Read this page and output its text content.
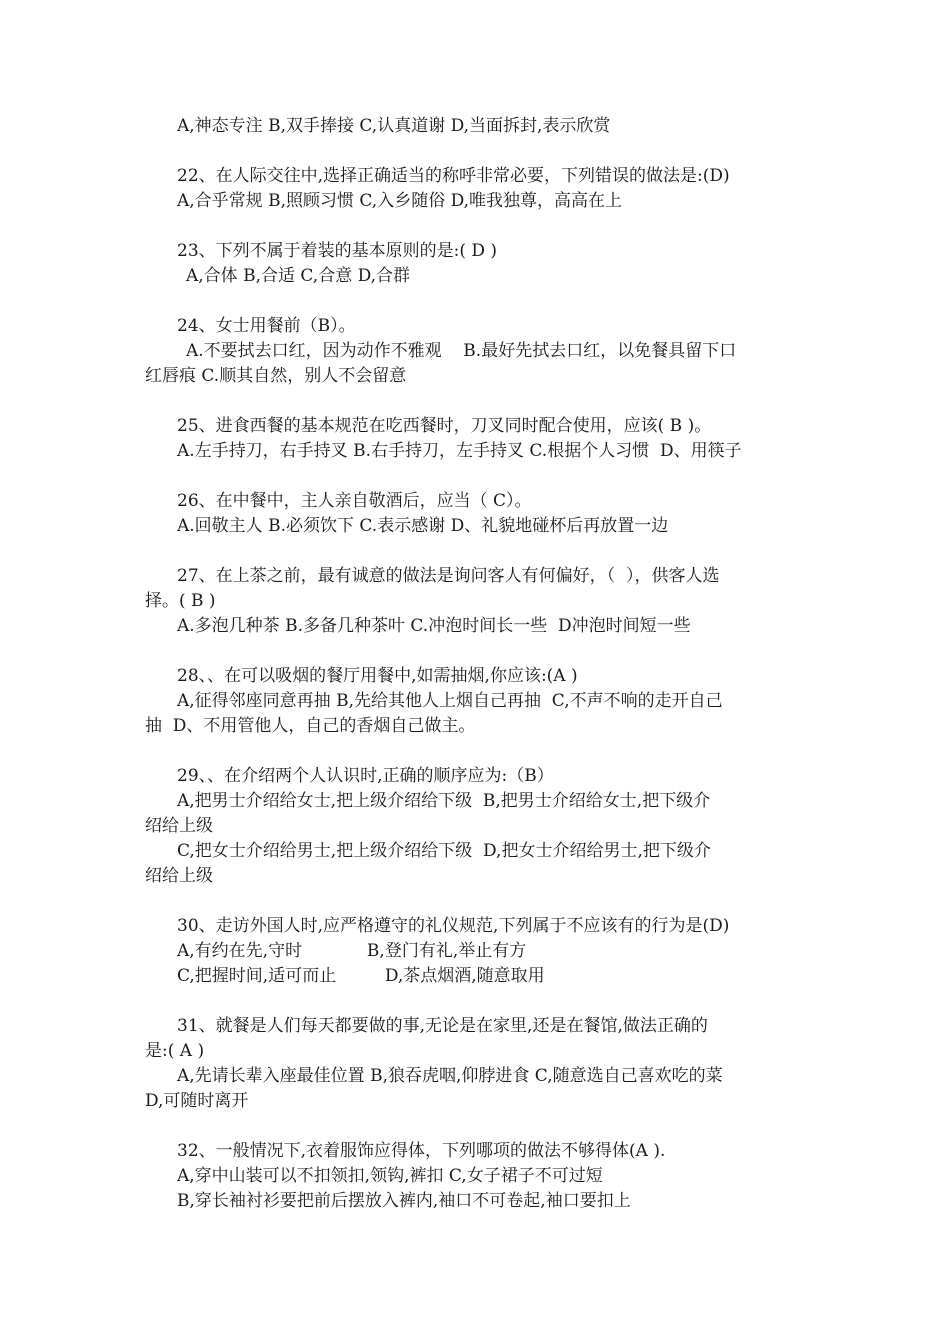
A,神态专注 B,双手捧接 C,认真道谢 D,当面拆封,表示欣赏
22、在人际交往中,选择正确适当的称呼非常必要，下列错误的做法是:(D)
A,合乎常规 B,照顾习惯 C,入乡随俗 D,唯我独尊，高高在上
23、下列不属于着装的基本原则的是:( D )
A,合体 B,合适 C,合意 D,合群
24、女士用餐前（B）。
A.不要拭去口红，因为动作不雅观    B.最好先拭去口红，以免餐具留下口
红唇痕 C.顺其自然，别人不会留意
25、进食西餐的基本规范在吃西餐时，刀叉同时配合使用，应该( B )。
A.左手持刀，右手持叉 B.右手持刀，左手持叉 C.根据个人习惯  D、用筷子
26、在中餐中，主人亲自敬酒后，应当（ C）。
A.回敬主人 B.必须饮下 C.表示感谢 D、礼貌地碰杯后再放置一边
27、在上茶之前，最有诚意的做法是询问客人有何偏好，（  ），供客人选
择。( B )
A.多泡几种茶 B.多备几种茶叶 C.冲泡时间长一些  D冲泡时间短一些
28、、在可以吸烟的餐厅用餐中,如需抽烟,你应该:(A )
A,征得邻座同意再抽 B,先给其他人上烟自己再抽  C,不声不响的走开自己
抽  D、不用管他人，自己的香烟自己做主。
29、、在介绍两个人认识时,正确的顺序应为:（B）
A,把男士介绍给女士,把上级介绍给下级  B,把男士介绍给女士,把下级介
绍给上级
C,把女士介绍给男士,把上级介绍给下级  D,把女士介绍给男士,把下级介
绍给上级
30、走访外国人时,应严格遵守的礼仪规范,下列属于不应该有的行为是(D)
A,有约在先,守时            B,登门有礼,举止有方
C,把握时间,适可而止         D,茶点烟酒,随意取用
31、就餐是人们每天都要做的事,无论是在家里,还是在餐馆,做法正确的
是:( A )
A,先请长辈入座最佳位置 B,狼吞虎咽,仰脖进食 C,随意选自己喜欢吃的菜
D,可随时离开
32、一般情况下,衣着服饰应得体，下列哪项的做法不够得体(A ).
A,穿中山装可以不扣领扣,领钩,裤扣 C,女子裙子不可过短
B,穿长袖衬衫要把前后摆放入裤内,袖口不可卷起,袖口要扣上
